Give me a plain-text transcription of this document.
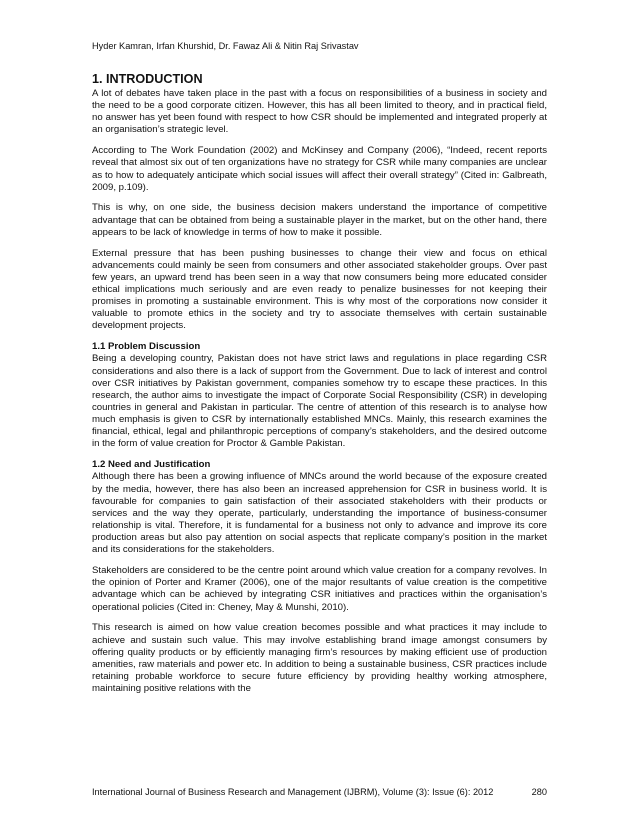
Hyder Kamran, Irfan Khurshid, Dr. Fawaz Ali & Nitin Raj Srivastav
1. INTRODUCTION

A lot of debates have taken place in the past with a focus on responsibilities of a business in society and the need to be a good corporate citizen. However, this has all been limited to theory, and in practical field, no answer has yet been found with respect to how CSR should be implemented and integrated properly at an organisation’s strategic level.

According to The Work Foundation (2002) and McKinsey and Company (2006), “Indeed, recent reports reveal that almost six out of ten organizations have no strategy for CSR while many companies are unclear as to how to adequately anticipate which social issues will affect their overall strategy” (Cited in: Galbreath, 2009, p.109).

This is why, on one side, the business decision makers understand the importance of competitive advantage that can be obtained from being a sustainable player in the market, but on the other hand, there appears to be lack of knowledge in terms of how to make it possible.

External pressure that has been pushing businesses to change their view and focus on ethical advancements could mainly be seen from consumers and other associated stakeholder groups. Over past few years, an upward trend has been seen in a way that now consumers being more educated consider ethical implications much seriously and are even ready to penalize businesses for not keeping their promises in promoting a sustainable environment. This is why most of the corporations now consider it valuable to promote ethics in the society and try to associate themselves with certain sustainable development projects.

1.1 Problem Discussion

Being a developing country, Pakistan does not have strict laws and regulations in place regarding CSR considerations and also there is a lack of support from the Government. Due to lack of interest and control over CSR initiatives by Pakistan government, companies somehow try to escape these practices. In this research, the author aims to investigate the impact of Corporate Social Responsibility (CSR) in developing countries in general and Pakistan in particular. The centre of attention of this research is to analyse how much emphasis is given to CSR by internationally established MNCs. Mainly, this research examines the financial, ethical, legal and philanthropic perceptions of company’s stakeholders, and the desired outcome in the form of value creation for Proctor & Gamble Pakistan.

1.2 Need and Justification

Although there has been a growing influence of MNCs around the world because of the exposure created by the media, however, there has also been an increased apprehension for CSR in business world. It is favourable for companies to gain satisfaction of their associated stakeholders with their products or services and the way they operate, particularly, understanding the importance of business-consumer relationship is vital. Therefore, it is fundamental for a business not only to advance and improve its core production areas but also pay attention on social aspects that replicate company’s position in the market and its considerations for the stakeholders.

Stakeholders are considered to be the centre point around which value creation for a company revolves. In the opinion of Porter and Kramer (2006), one of the major resultants of value creation is the competitive advantage which can be achieved by integrating CSR initiatives and practices within the organisation’s operational policies (Cited in: Cheney, May & Munshi, 2010).

This research is aimed on how value creation becomes possible and what practices it may include to achieve and sustain such value. This may involve establishing brand image amongst consumers by offering quality products or by efficiently managing firm’s resources by making efficient use of production amenities, raw materials and power etc. In addition to being a sustainable business, CSR practices include retaining probable workforce to secure future efficiency by providing healthy working atmosphere, maintaining positive relations with the

International Journal of Business Research and Management (IJBRM), Volume (3): Issue (6): 2012	280
